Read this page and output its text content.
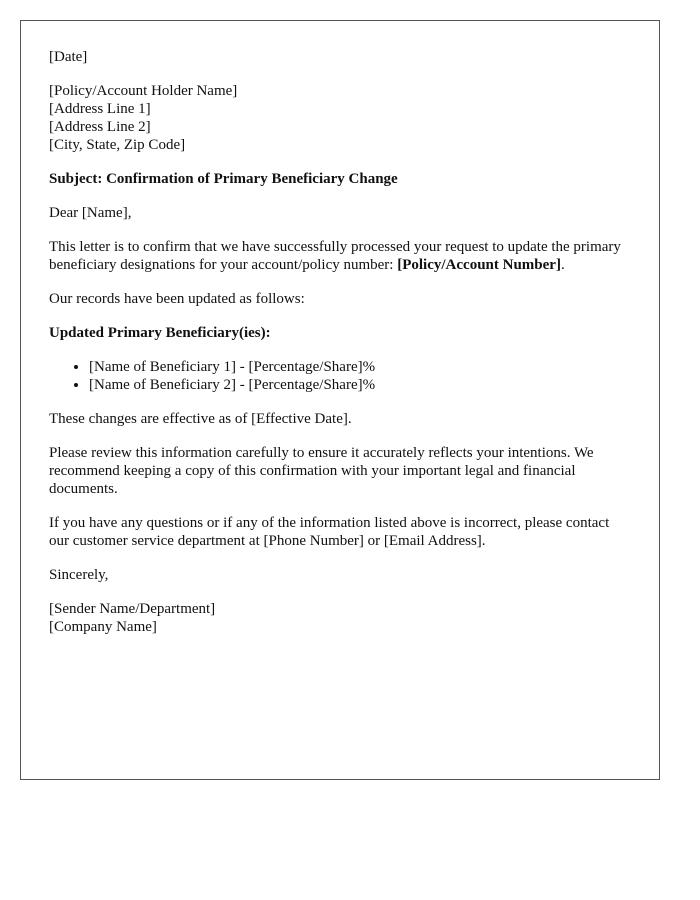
[Date]

[Policy/Account Holder Name]

[Address Line 1]

[Address Line 2]

[City, State, Zip Code]

Subject: Confirmation of Primary Beneficiary Change

Dear [Name],

This letter is to confirm that we have successfully processed your request to update the primary beneficiary designations for your account/policy number: [Policy/Account Number].

Our records have been updated as follows:

Updated Primary Beneficiary(ies):

• [Name of Beneficiary 1] - [Percentage/Share]%
• [Name of Beneficiary 2] - [Percentage/Share]%

These changes are effective as of [Effective Date].

Please review this information carefully to ensure it accurately reflects your intentions. We recommend keeping a copy of this confirmation with your important legal and financial documents.

If you have any questions or if any of the information listed above is incorrect, please contact our customer service department at [Phone Number] or [Email Address].

Sincerely,

[Sender Name/Department]

[Company Name]
